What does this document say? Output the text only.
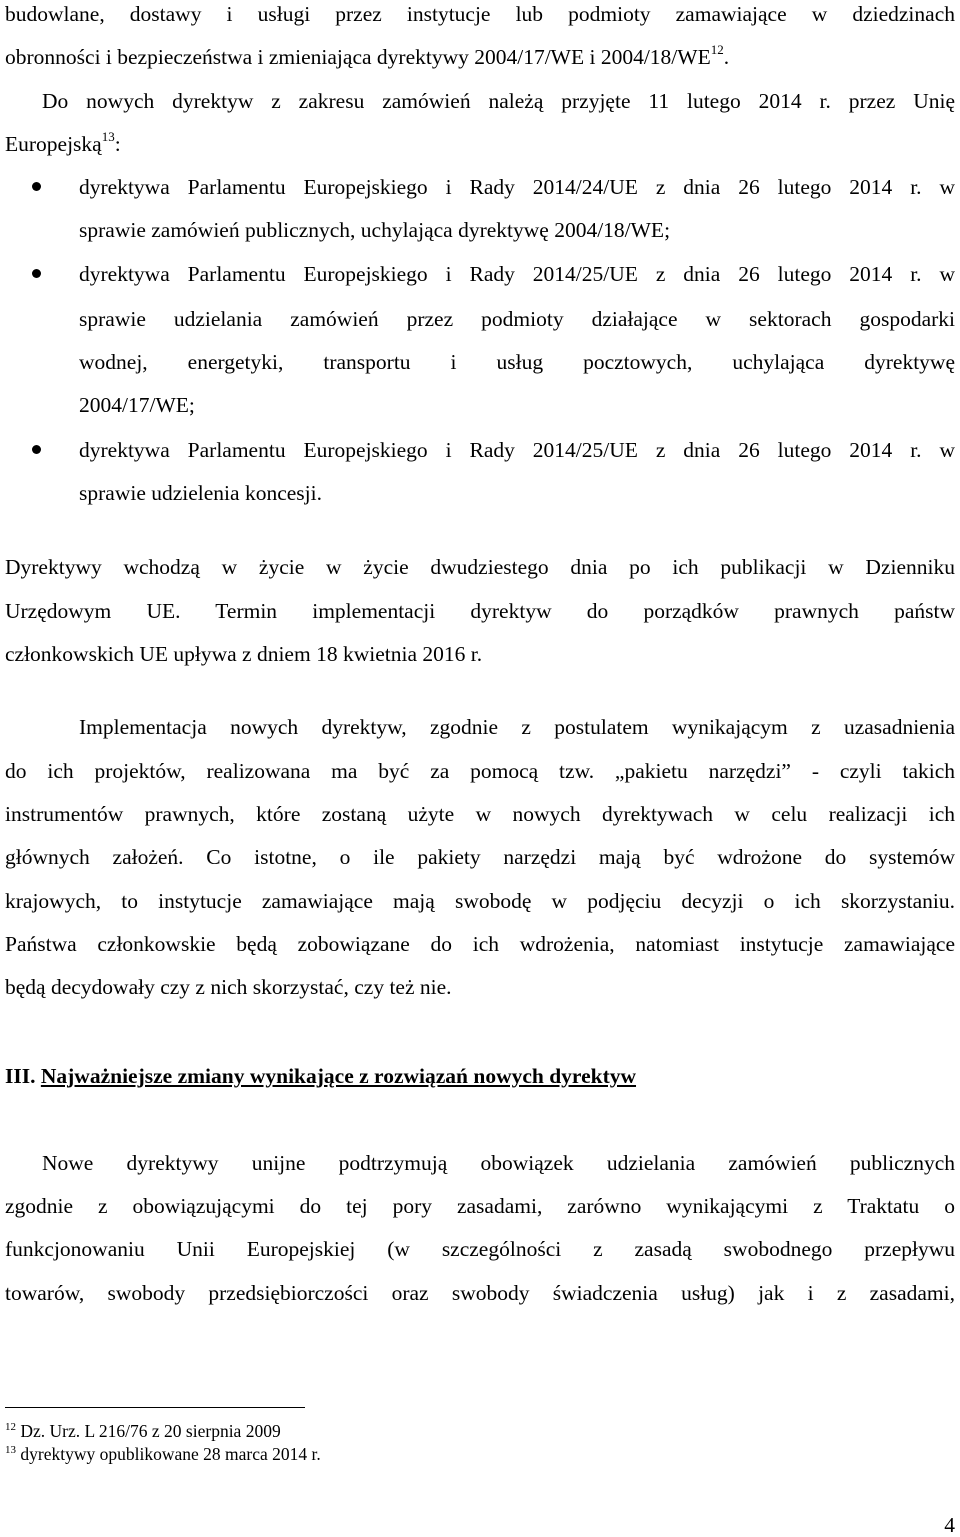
budowlane, dostawy i usługi przez instytucje lub podmioty zamawiające w dziedzinach
obronności i bezpieczeństwa i zmieniająca dyrektywy 2004/17/WE i 2004/18/WE$^{12}$.
Do nowych dyrektyw z zakresu zamówień należą przyjęte 11 lutego 2014 r. przez Unię
Europejską$^{13}$:
dyrektywa Parlamentu Europejskiego i Rady 2014/24/UE z dnia 26 lutego 2014 r. w
sprawie zamówień publicznych, uchylająca dyrektywę 2004/18/WE;
dyrektywa Parlamentu Europejskiego i Rady 2014/25/UE z dnia 26 lutego 2014 r. w
sprawie udzielania zamówień przez podmioty działające w sektorach gospodarki
wodnej, energetyki, transportu i usług pocztowych, uchylająca dyrektywę
2004/17/WE;
dyrektywa Parlamentu Europejskiego i Rady 2014/25/UE z dnia 26 lutego 2014 r. w
sprawie udzielenia koncesji.
Dyrektywy wchodzą w życie w życie dwudziestego dnia po ich publikacji w Dzienniku
Urzędowym UE. Termin implementacji dyrektyw do porządków prawnych państw
członkowskich UE upływa z dniem 18 kwietnia 2016 r.
Implementacja nowych dyrektyw, zgodnie z postulatem wynikającym z uzasadnienia
do ich projektów, realizowana ma być za pomocą tzw. „pakietu narzędzi” - czyli takich
instrumentów prawnych, które zostaną użyte w nowych dyrektywach w celu realizacji ich
głównych założeń. Co istotne, o ile pakiety narzędzi mają być wdrożone do systemów
krajowych, to instytucje zamawiające mają swobodę w podjęciu decyzji o ich skorzystaniu.
Państwa członkowskie będą zobowiązane do ich wdrożenia, natomiast instytucje zamawiające
będą decydowały czy z nich skorzystać, czy też nie.
III. Najważniejsze zmiany wynikające z rozwiązań nowych dyrektyw
Nowe dyrektywy unijne podtrzymują obowiązek udzielania zamówień publicznych
zgodnie z obowiązującymi do tej pory zasadami, zarówno wynikającymi z Traktatu o
funkcjonowaniu Unii Europejskiej (w szczególności z zasadą swobodnego przepływu
towarów, swobody przedsiębiorczości oraz swobody świadczenia usług) jak i z zasadami,
$^{12}$ Dz. Urz. L 216/76 z 20 sierpnia 2009
$^{13}$ dyrektywy opublikowane 28 marca 2014 r.
4
